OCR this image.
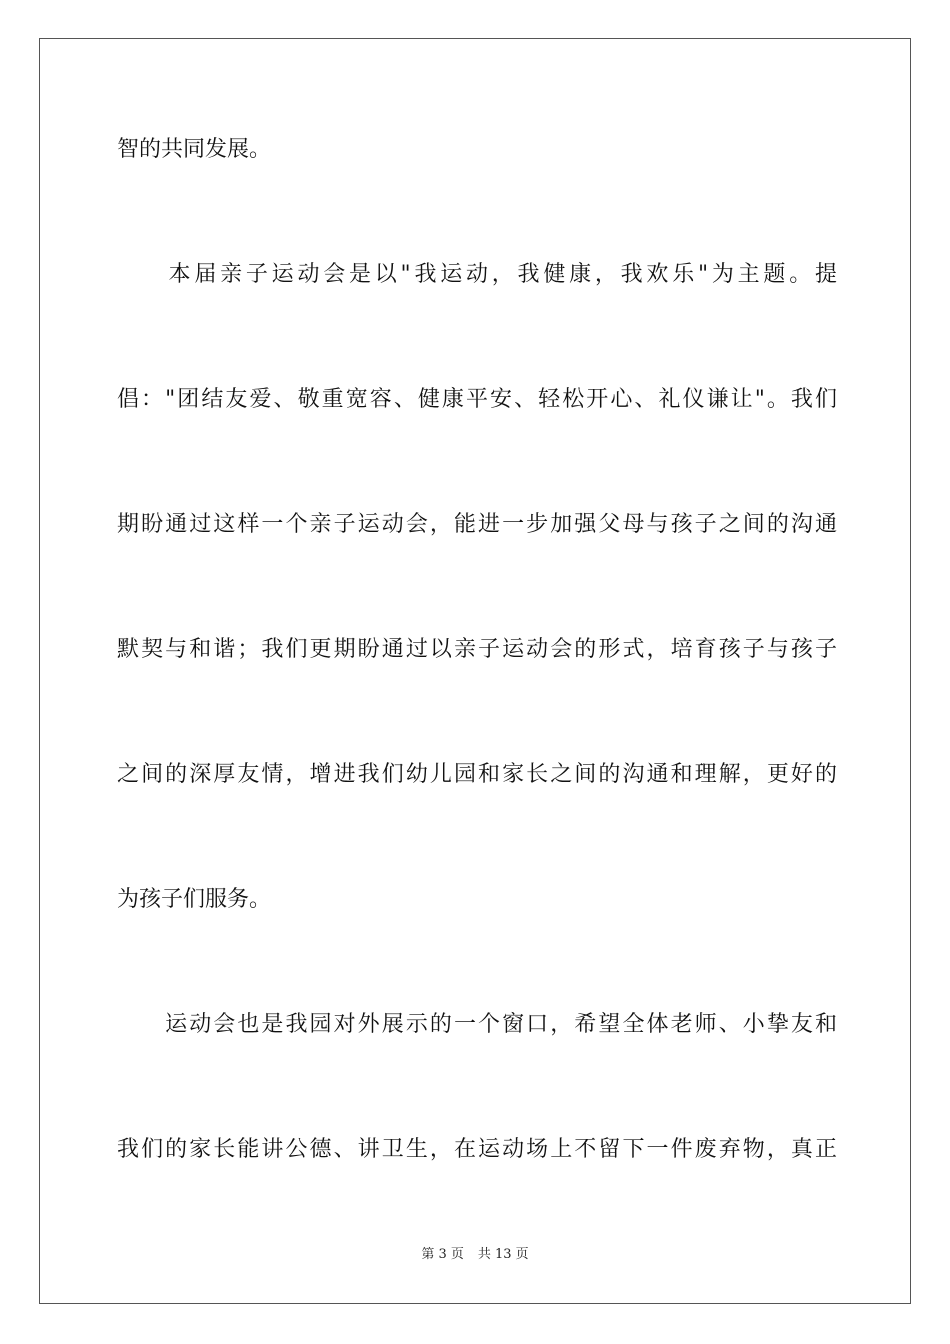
智的共同发展。
　　本届亲子运动会是以"我运动，我健康，我欢乐"为主题。提
倡："团结友爱、敬重宽容、健康平安、轻松开心、礼仪谦让"。我们
期盼通过这样一个亲子运动会，能进一步加强父母与孩子之间的沟通
默契与和谐；我们更期盼通过以亲子运动会的形式，培育孩子与孩子
之间的深厚友情，增进我们幼儿园和家长之间的沟通和理解，更好的
为孩子们服务。
　　运动会也是我园对外展示的一个窗口，希望全体老师、小挚友和
我们的家长能讲公德、讲卫生，在运动场上不留下一件废弃物，真正
第 3 页 共 13 页
